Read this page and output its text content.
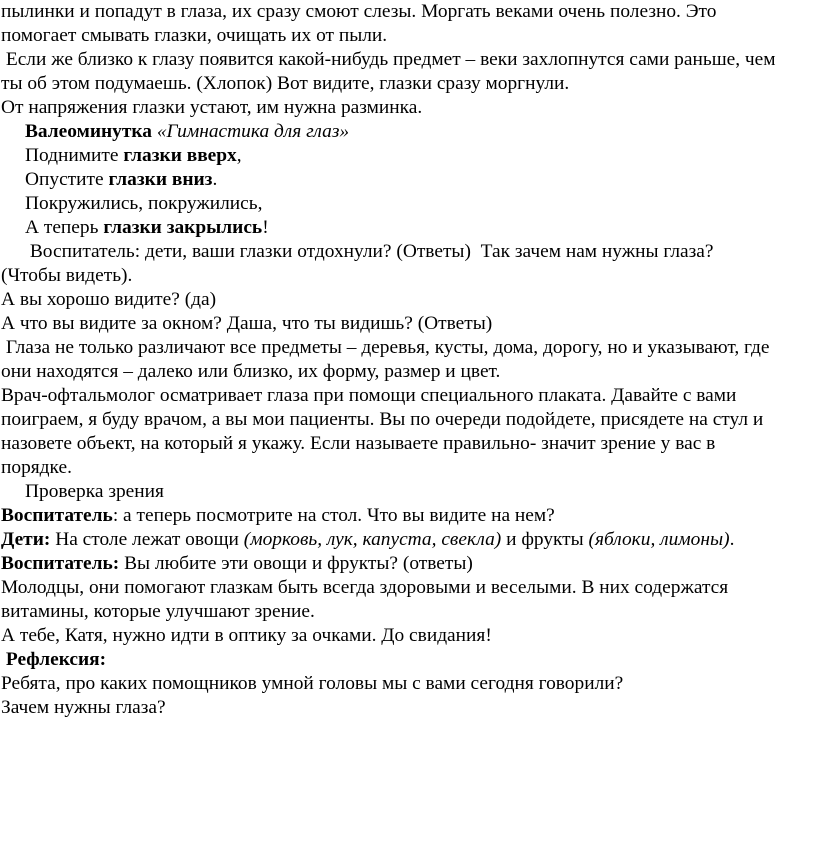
пылинки и попадут в глаза, их сразу смоют слезы. Моргать веками очень полезно. Это
помогает смывать глазки, очищать их от пыли.
Если же близко к глазу появится какой-нибудь предмет – веки захлопнутся сами раньше, чем
ты об этом подумаешь. (Хлопок) Вот видите, глазки сразу моргнули.
От напряжения глазки устают, им нужна разминка.
Валеоминутка «Гимнастика для глаз»
Поднимите глазки вверх,
Опустите глазки вниз.
Покружились, покружились,
А теперь глазки закрылись!
Воспитатель: дети, ваши глазки отдохнули? (Ответы)  Так зачем нам нужны глаза?
(Чтобы видеть).
А вы хорошо видите? (да)
А что вы видите за окном? Даша, что ты видишь? (Ответы)
Глаза не только различают все предметы – деревья, кусты, дома, дорогу, но и указывают, где
они находятся – далеко или близко, их форму, размер и цвет.
Врач-офтальмолог осматривает глаза при помощи специального плаката. Давайте с вами
поиграем, я буду врачом, а вы мои пациенты. Вы по очереди подойдете, присядете на стул и
назовете объект, на который я укажу. Если называете правильно- значит зрение у вас в
порядке.
Проверка зрения
Воспитатель: а теперь посмотрите на стол. Что вы видите на нем?
Дети: На столе лежат овощи (морковь, лук, капуста, свекла) и фрукты (яблоки, лимоны).
Воспитатель: Вы любите эти овощи и фрукты? (ответы)
Молодцы, они помогают глазкам быть всегда здоровыми и веселыми. В них содержатся
витамины, которые улучшают зрение.
А тебе, Катя, нужно идти в оптику за очками. До свидания!
Рефлексия:
Ребята, про каких помощников умной головы мы с вами сегодня говорили?
Зачем нужны глаза?
